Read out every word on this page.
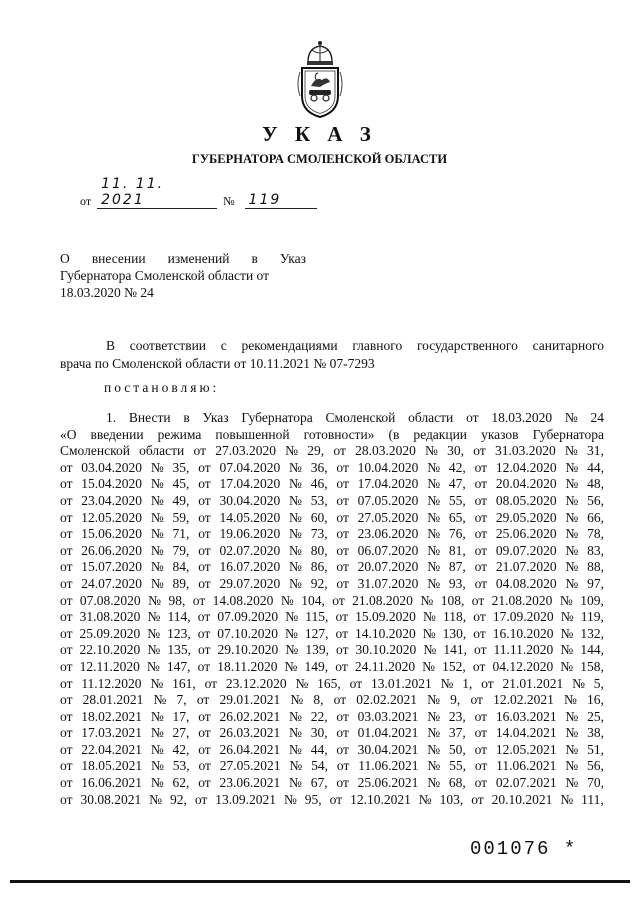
У К А З
ГУБЕРНАТОРА СМОЛЕНСКОЙ ОБЛАСТИ
от
11. 11. 2021	№ 119
О внесении изменений в Указ
Губернатора Смоленской области от
18.03.2020 № 24
В соответствии с рекомендациями главного государственного санитарного
врача по Смоленской области от 10.11.2021 № 07-7293
постановляю:
1. Внести в Указ Губернатора Смоленской области от 18.03.2020 № 24
«О введении режима повышенной готовности» (в редакции указов Губернатора
Смоленской области от 27.03.2020 № 29, от 28.03.2020 № 30, от 31.03.2020 № 31,
от 03.04.2020 № 35, от 07.04.2020 № 36, от 10.04.2020 № 42, от 12.04.2020 № 44,
от 15.04.2020 № 45, от 17.04.2020 № 46, от 17.04.2020 № 47, от 20.04.2020 № 48,
от 23.04.2020 № 49, от 30.04.2020 № 53, от 07.05.2020 № 55, от 08.05.2020 № 56,
от 12.05.2020 № 59, от 14.05.2020 № 60, от 27.05.2020 № 65, от 29.05.2020 № 66,
от 15.06.2020 № 71, от 19.06.2020 № 73, от 23.06.2020 № 76, от 25.06.2020 № 78,
от 26.06.2020 № 79, от 02.07.2020 № 80, от 06.07.2020 № 81, от 09.07.2020 № 83,
от 15.07.2020 № 84, от 16.07.2020 № 86, от 20.07.2020 № 87, от 21.07.2020 № 88,
от 24.07.2020 № 89, от 29.07.2020 № 92, от 31.07.2020 № 93, от 04.08.2020 № 97,
от 07.08.2020 № 98, от 14.08.2020 № 104, от 21.08.2020 № 108, от 21.08.2020 № 109,
от 31.08.2020 № 114, от 07.09.2020 № 115, от 15.09.2020 № 118, от 17.09.2020 № 119,
от 25.09.2020 № 123, от 07.10.2020 № 127, от 14.10.2020 № 130, от 16.10.2020 № 132,
от 22.10.2020 № 135, от 29.10.2020 № 139, от 30.10.2020 № 141, от 11.11.2020 № 144,
от 12.11.2020 № 147, от 18.11.2020 № 149, от 24.11.2020 № 152, от 04.12.2020 № 158,
от 11.12.2020 № 161, от 23.12.2020 № 165, от 13.01.2021 № 1, от 21.01.2021 № 5,
от 28.01.2021 № 7, от 29.01.2021 № 8, от 02.02.2021 № 9, от 12.02.2021 № 16,
от 18.02.2021 № 17, от 26.02.2021 № 22, от 03.03.2021 № 23, от 16.03.2021 № 25,
от 17.03.2021 № 27, от 26.03.2021 № 30, от 01.04.2021 № 37, от 14.04.2021 № 38,
от 22.04.2021 № 42, от 26.04.2021 № 44, от 30.04.2021 № 50, от 12.05.2021 № 51,
от 18.05.2021 № 53, от 27.05.2021 № 54, от 11.06.2021 № 55, от 11.06.2021 № 56,
от 16.06.2021 № 62, от 23.06.2021 № 67, от 25.06.2021 № 68, от 02.07.2021 № 70,
от 30.08.2021 № 92, от 13.09.2021 № 95, от 12.10.2021 № 103, от 20.10.2021 № 111,
001076 *
